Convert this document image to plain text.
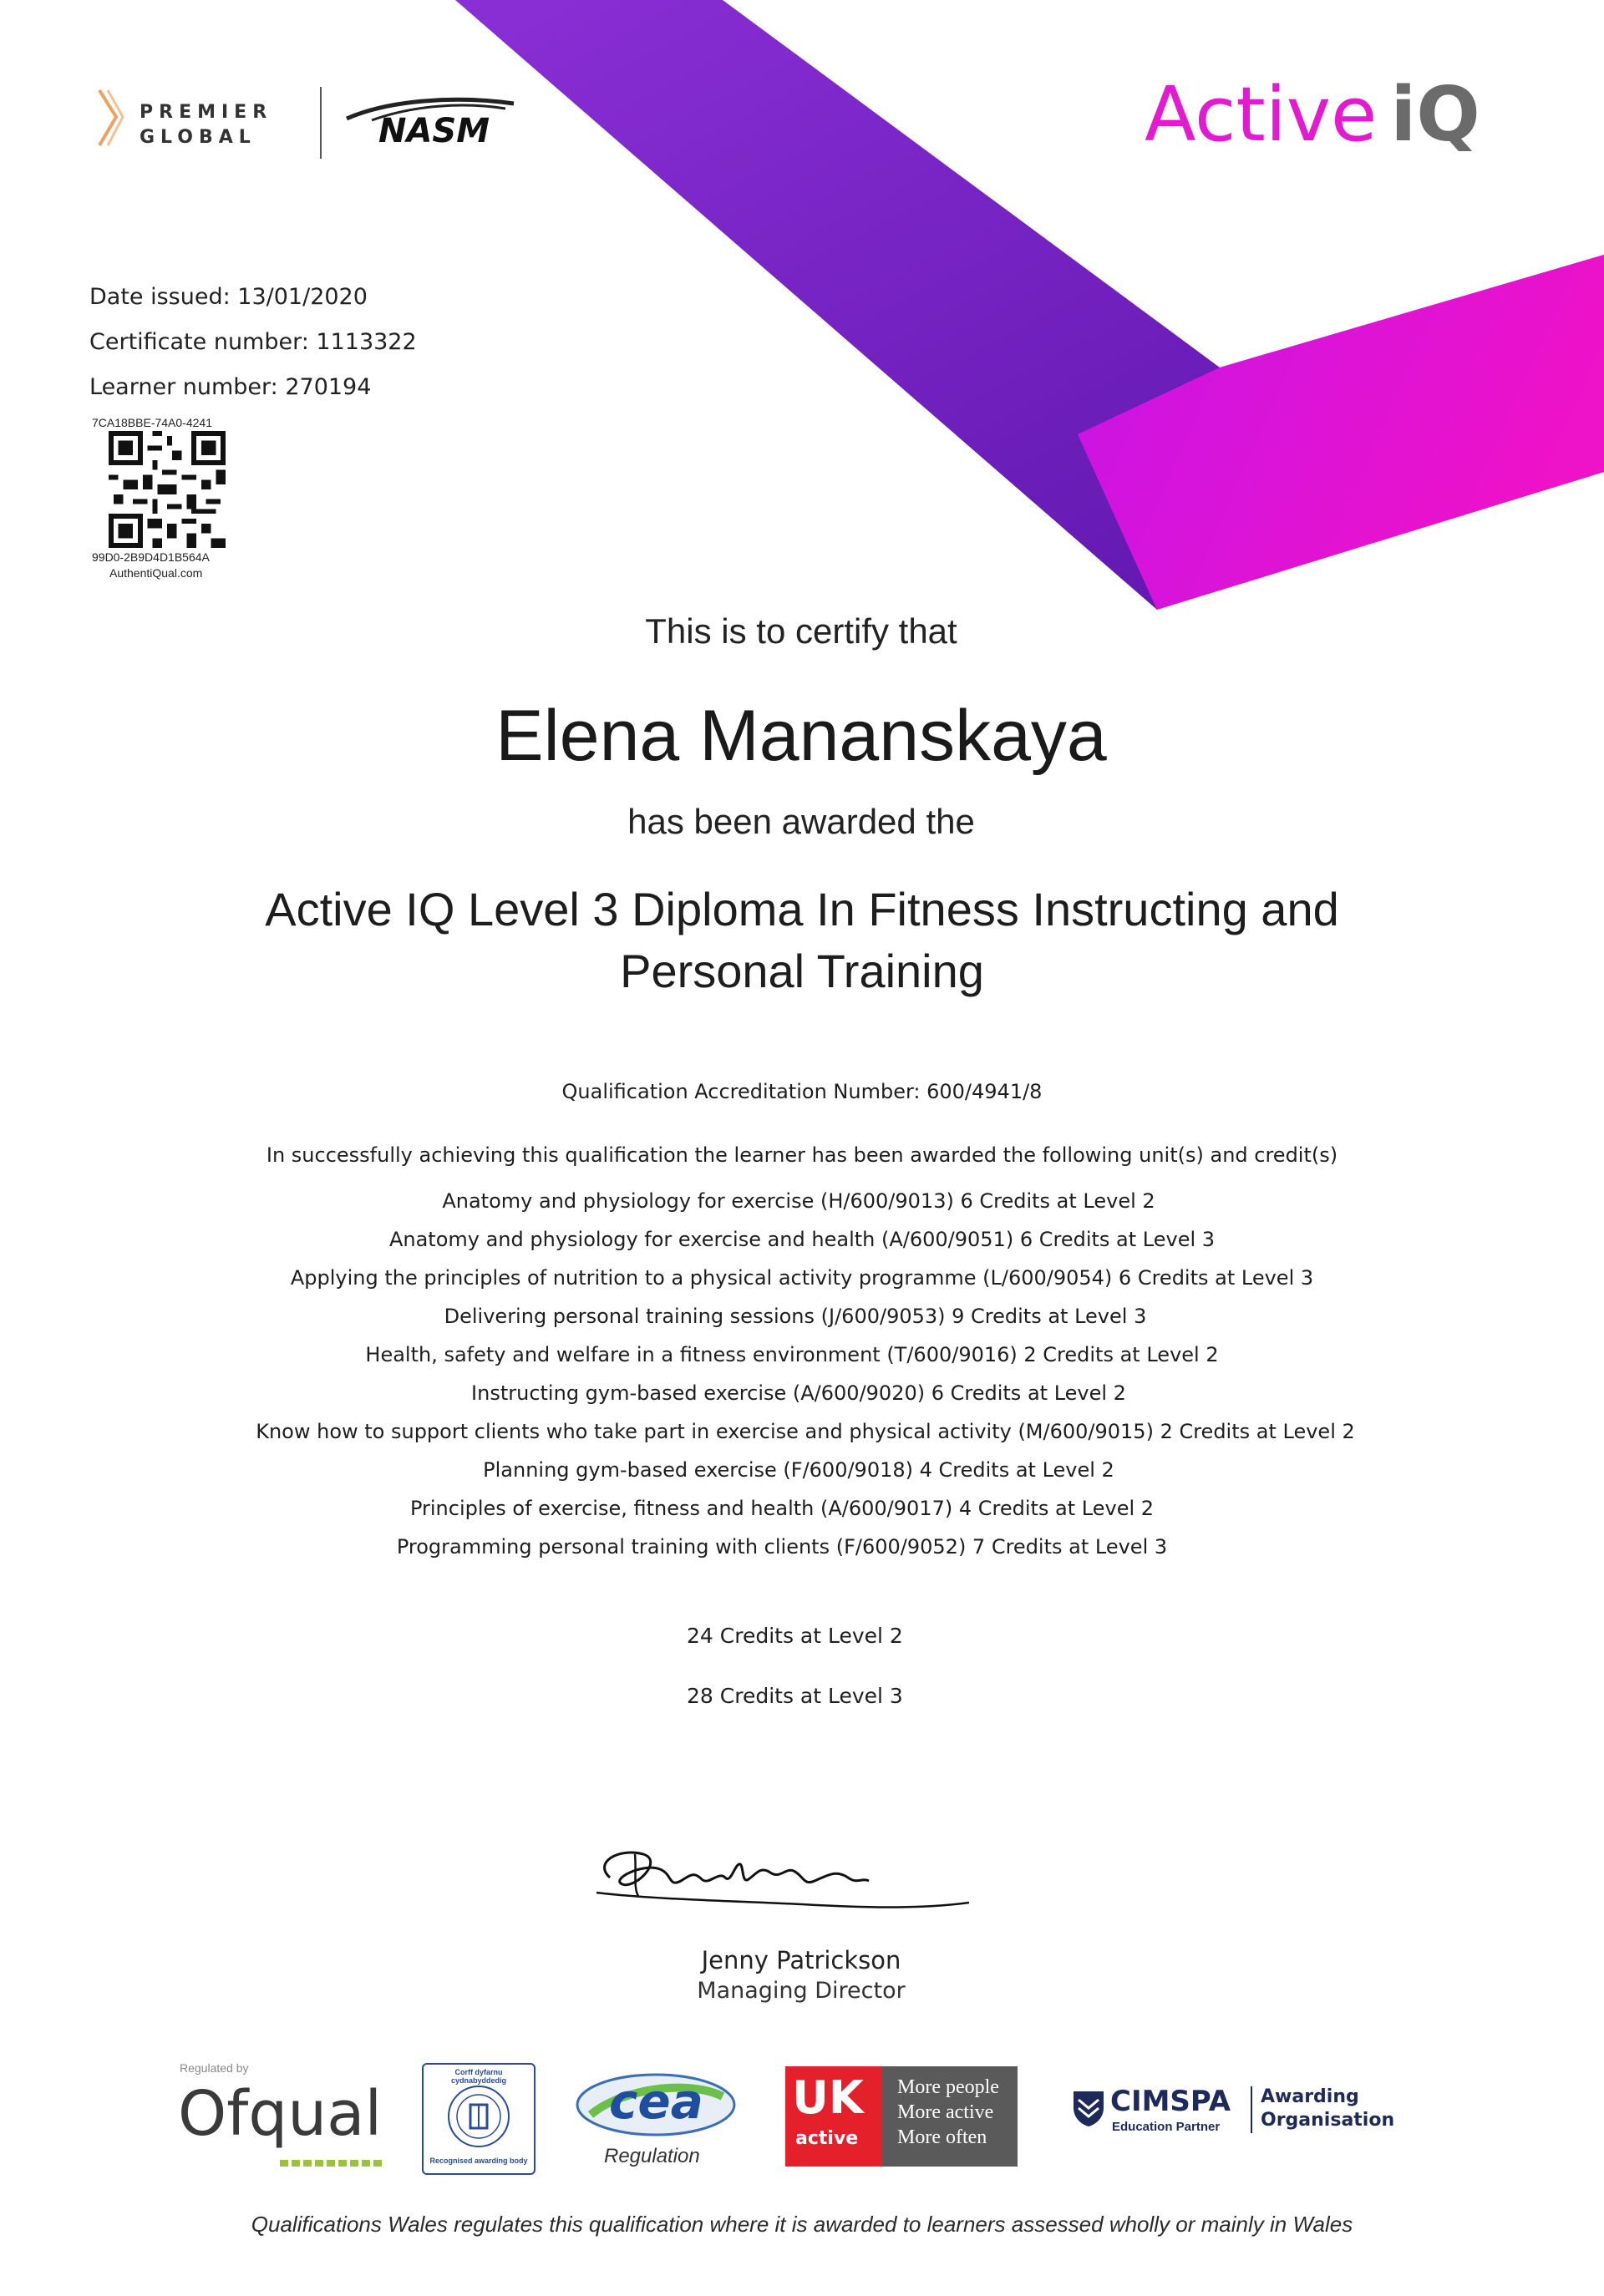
PREMIER
GLOBAL	NASM	Active iQ
Date issued: 13/01/2020
Certificate number: 1113322
Learner number: 270194
7CA18BBE-74A0-4241
99D0-2B9D4D1B564A
AuthentiQual.com
This is to certify that
Elena Mananskaya
has been awarded the
Active IQ Level 3 Diploma In Fitness Instructing and
Personal Training
Qualification Accreditation Number: 600/4941/8
In successfully achieving this qualification the learner has been awarded the following unit(s) and credit(s)
Anatomy and physiology for exercise (H/600/9013) 6 Credits at Level 2
Anatomy and physiology for exercise and health (A/600/9051) 6 Credits at Level 3
Applying the principles of nutrition to a physical activity programme (L/600/9054) 6 Credits at Level 3
Delivering personal training sessions (J/600/9053) 9 Credits at Level 3
Health, safety and welfare in a fitness environment (T/600/9016) 2 Credits at Level 2
Instructing gym-based exercise (A/600/9020) 6 Credits at Level 2
Know how to support clients who take part in exercise and physical activity (M/600/9015) 2 Credits at Level 2
Planning gym-based exercise (F/600/9018) 4 Credits at Level 2
Principles of exercise, fitness and health (A/600/9017) 4 Credits at Level 2
Programming personal training with clients (F/600/9052) 7 Credits at Level 3
24 Credits at Level 2
28 Credits at Level 3
Jenny Patrickson
Managing Director
Regulated by
Ofqual
Corff dyfarnu cydnabyddedig
Recognised awarding body
cea
Regulation
UK
active
More people
More active
More often
CIMSPA
Education Partner
Awarding
Organisation
Qualifications Wales regulates this qualification where it is awarded to learners assessed wholly or mainly in Wales
